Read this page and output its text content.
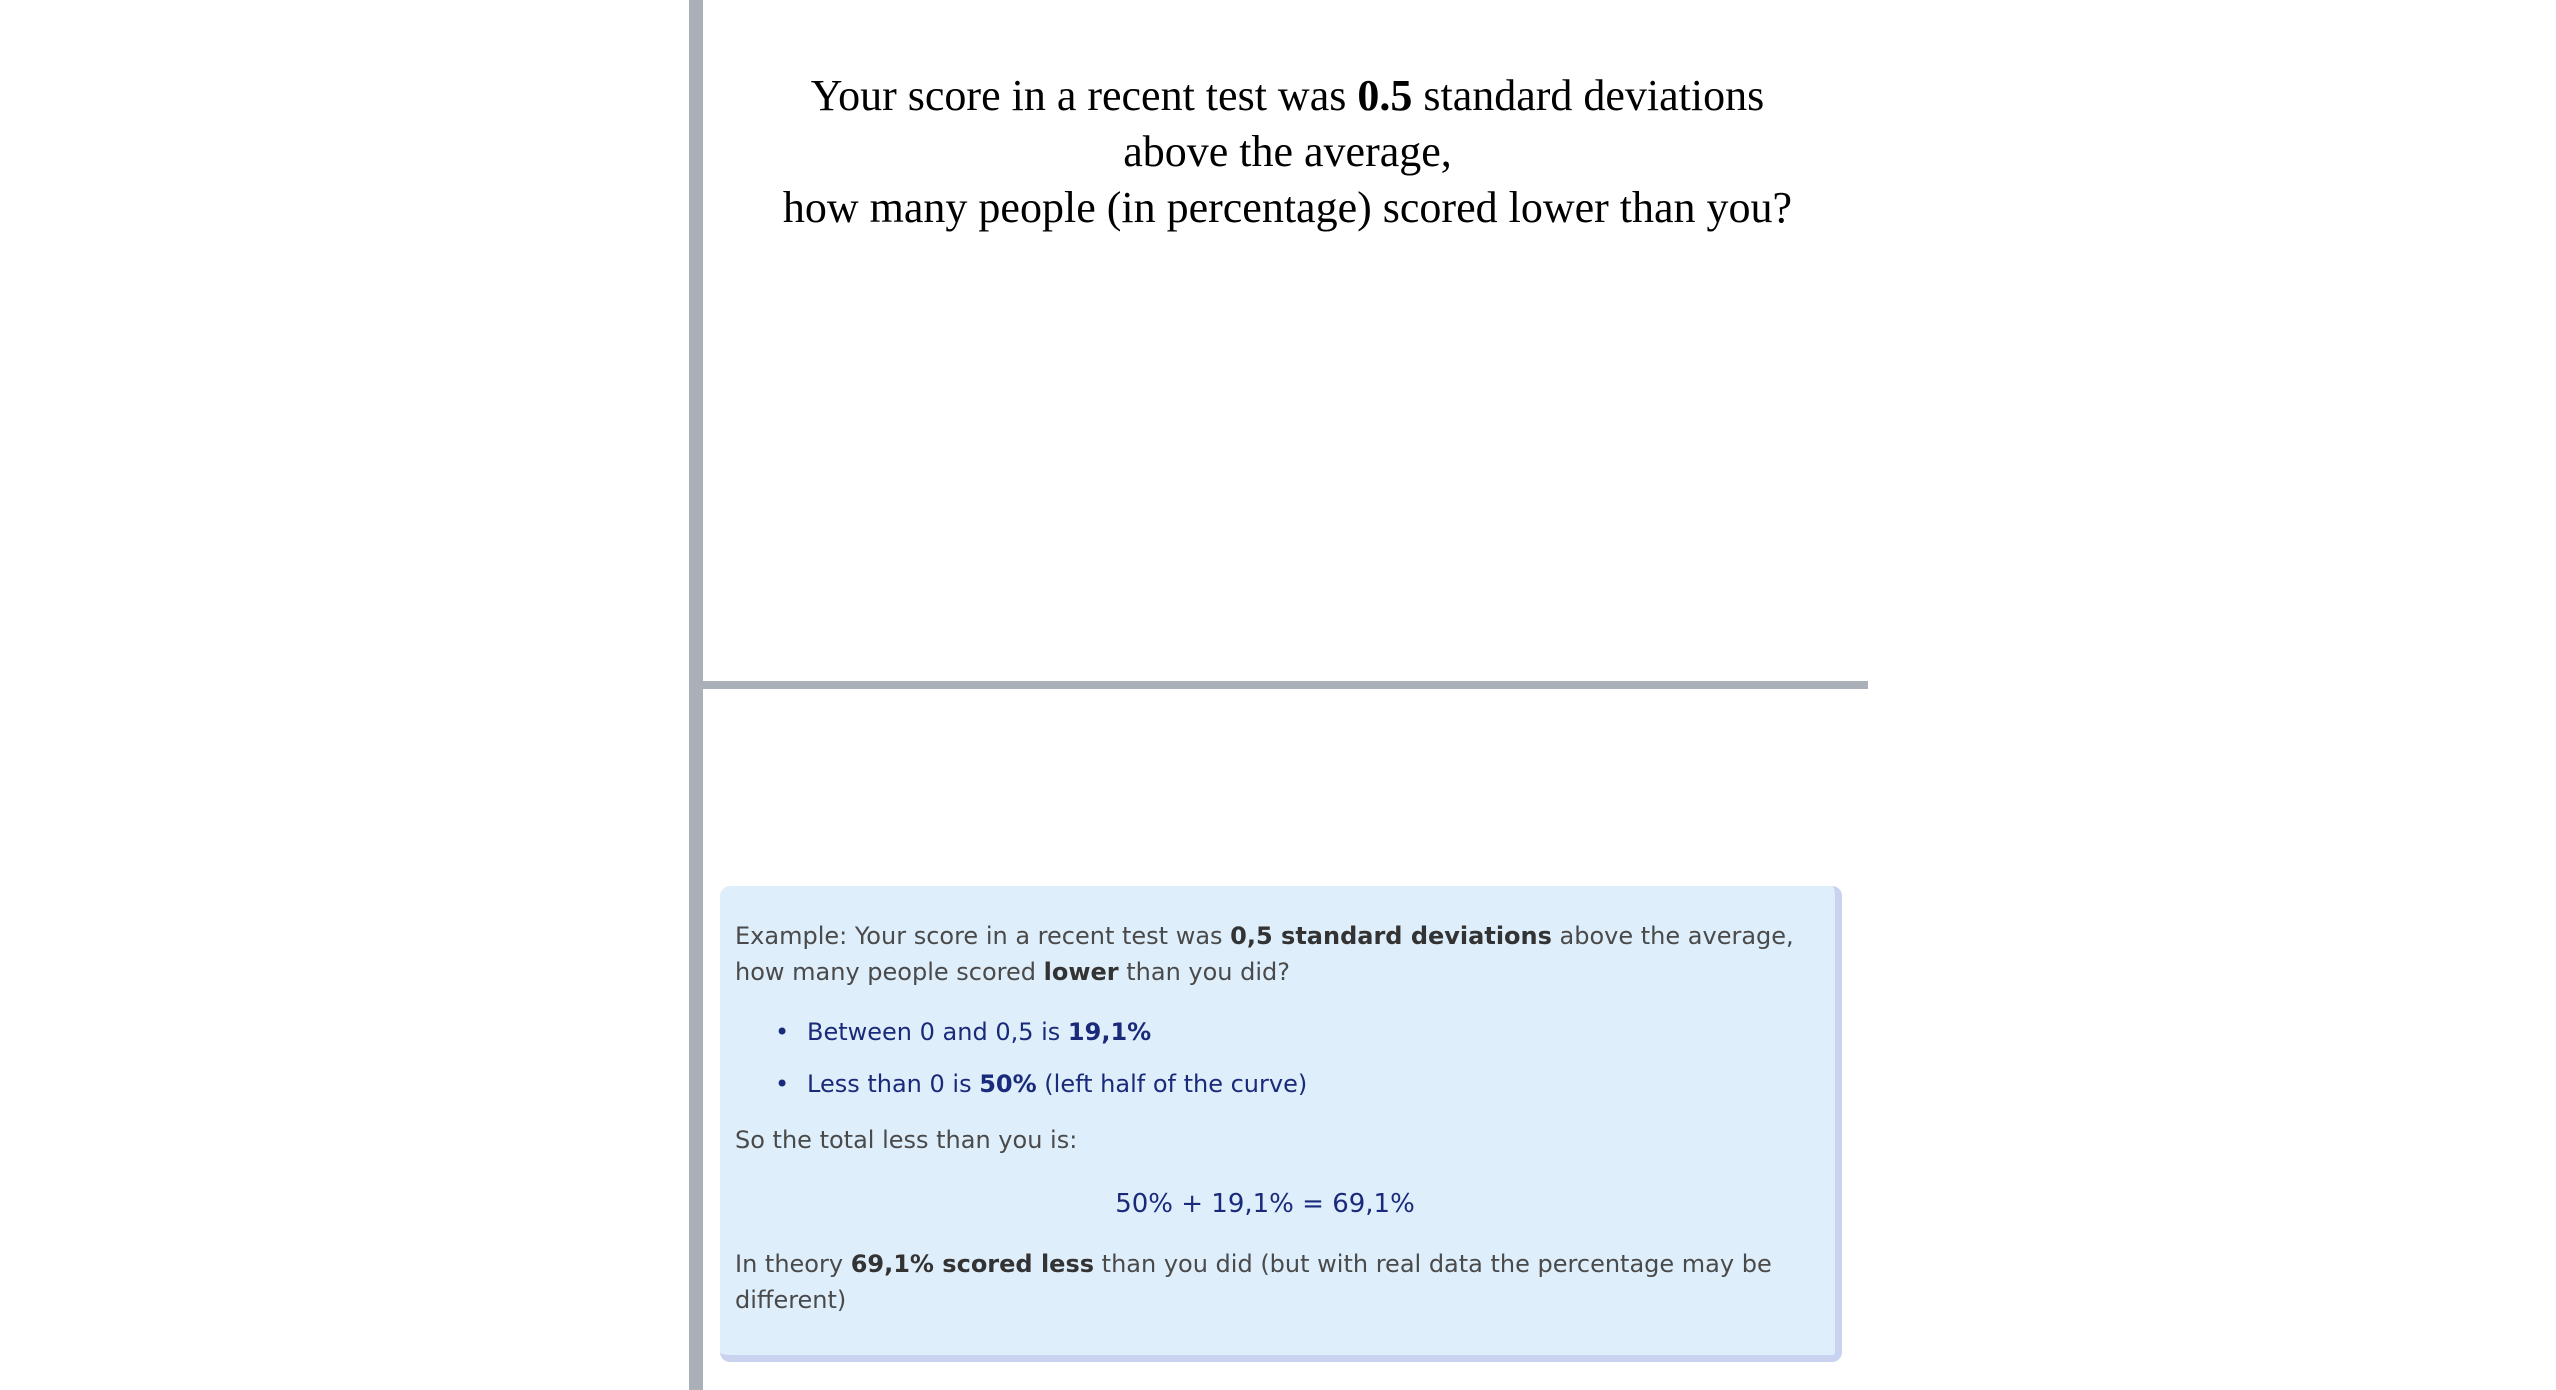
Your score in a recent test was 0.5 standard deviations above the average,
how many people (in percentage) scored lower than you?

Example: Your score in a recent test was 0,5 standard deviations above the average, how many people scored lower than you did?

• Between 0 and 0,5 is 19,1%
• Less than 0 is 50% (left half of the curve)

So the total less than you is:

50% + 19,1% = 69,1%

In theory 69,1% scored less than you did (but with real data the percentage may be different)
